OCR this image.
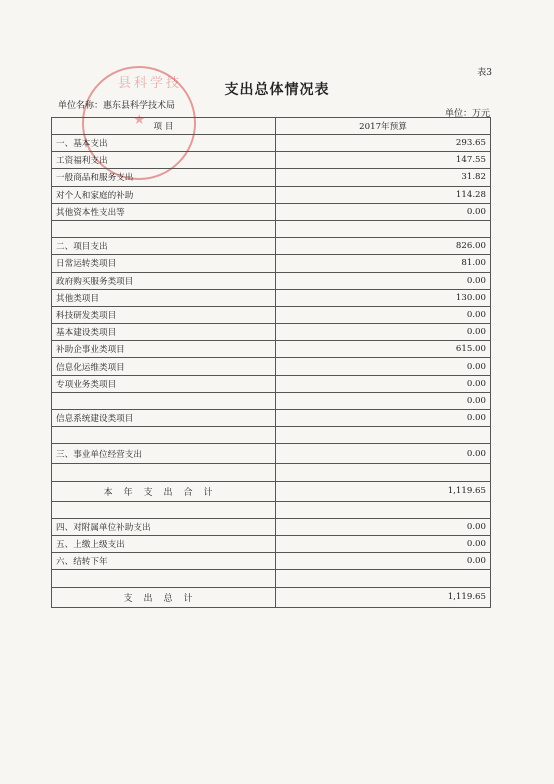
表3
县科学技
★
支出总体情况表
单位名称：惠东县科学技术局
单位：万元
项 目	2017年预算
一、基本支出	293.65
工资福利支出	147.55
一般商品和服务支出	31.82
对个人和家庭的补助	114.28
其他资本性支出等	0.00

二、项目支出	826.00
日常运转类项目	81.00
政府购买服务类项目	0.00
其他类项目	130.00
科技研发类项目	0.00
基本建设类项目	0.00
补助企事业类项目	615.00
信息化运维类项目	0.00
专项业务类项目	0.00
	0.00
信息系统建设类项目	0.00

三、事业单位经营支出	0.00

本年支出合计	1,119.65

四、对附属单位补助支出	0.00
五、上缴上级支出	0.00
六、结转下年	0.00

支出总计	1,119.65
